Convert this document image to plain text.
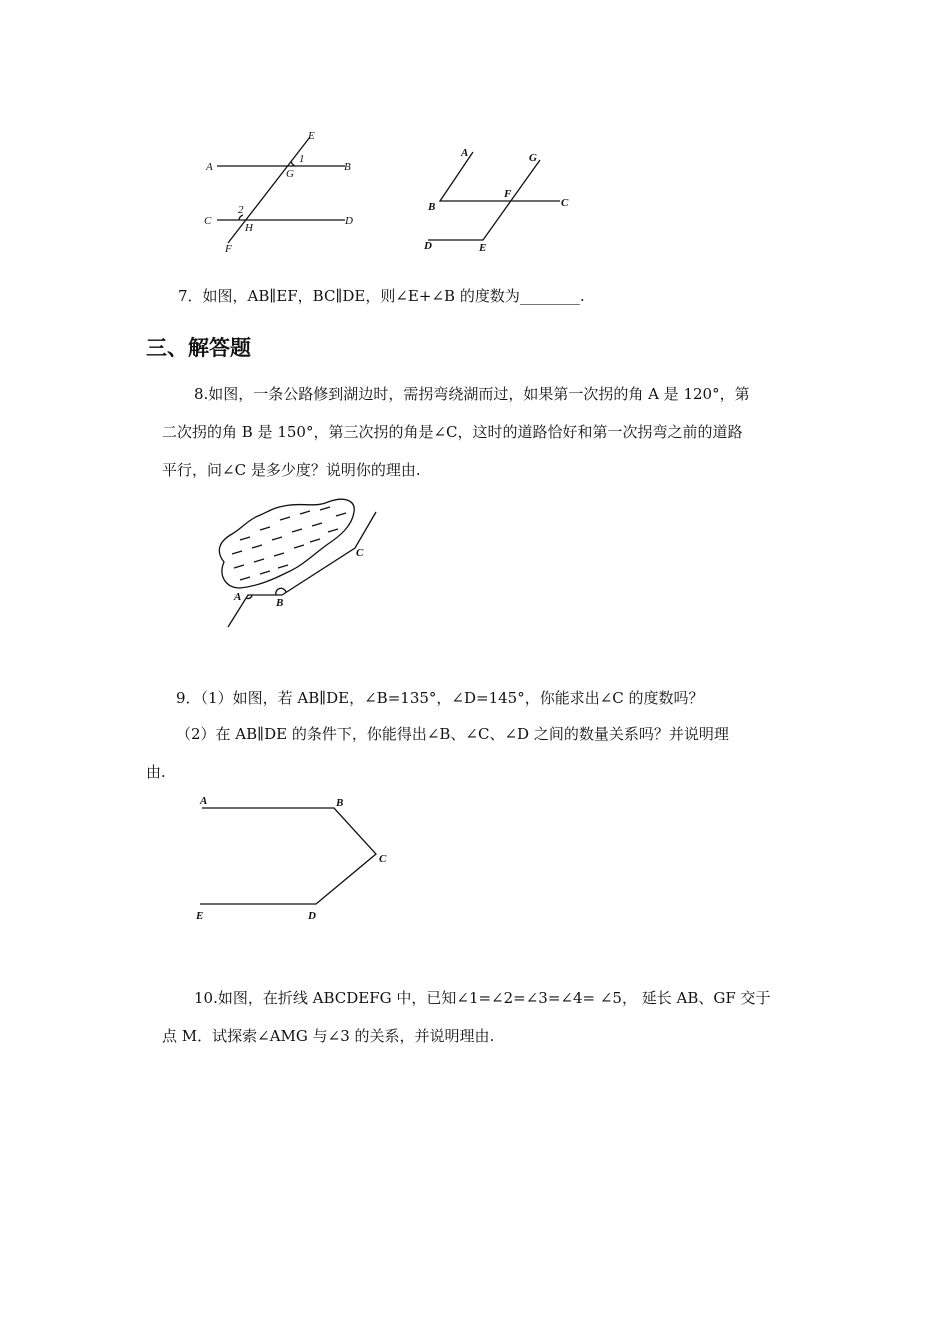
E
A
1
B
G
2
C	D
H
F
A	G
F
B	C
D	E
7．如图，AB∥EF，BC∥DE，则∠E+∠B 的度数为________.
三、解答题
8.如图，一条公路修到湖边时，需拐弯绕湖而过，如果第一次拐的角 A 是 120°，第
二次拐的角 B 是 150°，第三次拐的角是∠C，这时的道路恰好和第一次拐弯之前的道路
平行，问∠C 是多少度？说明你的理由.
A	B
C
9．（1）如图，若 AB∥DE，∠B=135°，∠D=145°，你能求出∠C 的度数吗？
（2）在 AB∥DE 的条件下，你能得出∠B、∠C、∠D 之间的数量关系吗？并说明理
由.
A	B
C
E	D
10.如图，在折线 ABCDEFG 中，已知∠1=∠2=∠3=∠4= ∠5， 延长 AB、GF 交于
点 M．试探索∠AMG 与∠3 的关系，并说明理由.
